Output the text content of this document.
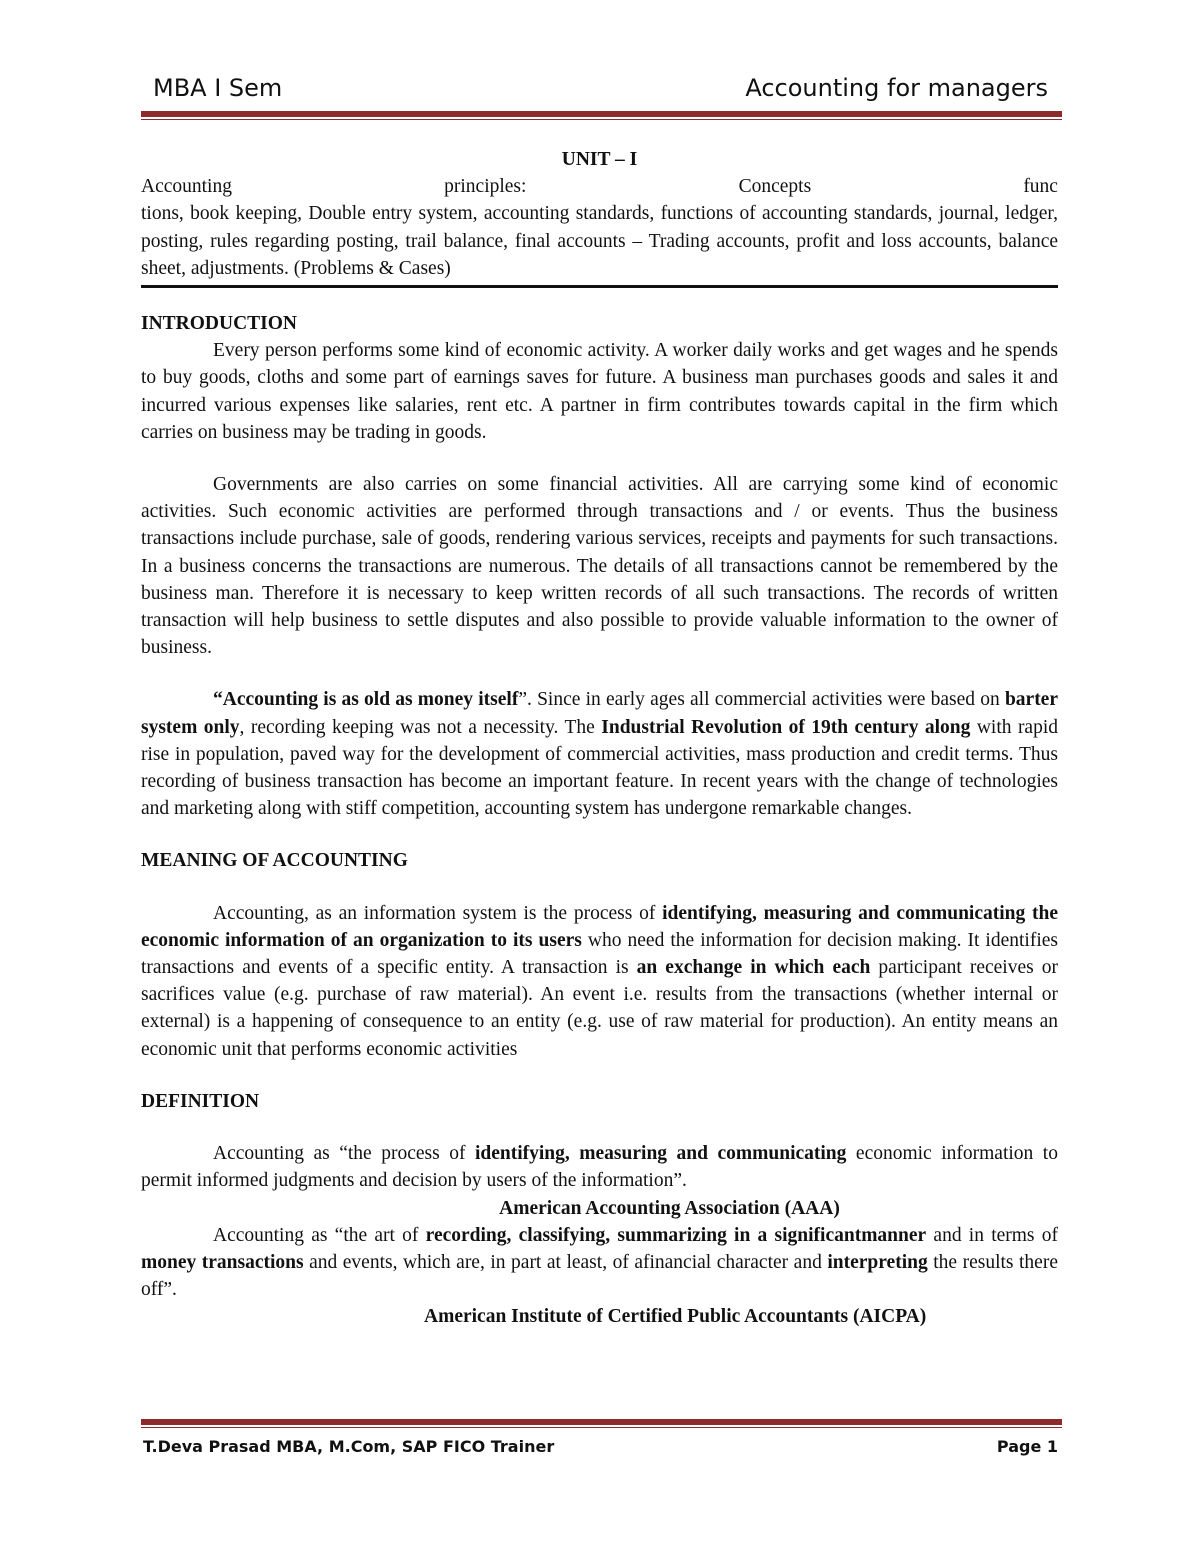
MBA I Sem	Accounting for managers
UNIT – I
Accounting	principles:	Concepts	func
tions, book keeping, Double entry system, accounting standards, functions of accounting standards, journal, ledger, posting, rules regarding posting, trail balance, final accounts – Trading accounts, profit and loss accounts, balance sheet, adjustments. (Problems & Cases)

INTRODUCTION

Every person performs some kind of economic activity. A worker daily works and get wages and he spends to buy goods, cloths and some part of earnings saves for future. A business man purchases goods and sales it and incurred various expenses like salaries, rent etc. A partner in firm contributes towards capital in the firm which carries on business may be trading in goods.

Governments are also carries on some financial activities. All are carrying some kind of economic activities. Such economic activities are performed through transactions and / or events. Thus the business transactions include purchase, sale of goods, rendering various services, receipts and payments for such transactions. In a business concerns the transactions are numerous. The details of all transactions cannot be remembered by the business man. Therefore it is necessary to keep written records of all such transactions. The records of written transaction will help business to settle disputes and also possible to provide valuable information to the owner of business.

“Accounting is as old as money itself”. Since in early ages all commercial activities were based on barter system only, recording keeping was not a necessity. The Industrial Revolution of 19th century along with rapid rise in population, paved way for the development of commercial activities, mass production and credit terms. Thus recording of business transaction has become an important feature. In recent years with the change of technologies and marketing along with stiff competition, accounting system has undergone remarkable changes.

MEANING OF ACCOUNTING

Accounting, as an information system is the process of identifying, measuring and communicating the economic information of an organization to its users who need the information for decision making. It identifies transactions and events of a specific entity. A transaction is an exchange in which each participant receives or sacrifices value (e.g. purchase of raw material). An event i.e. results from the transactions (whether internal or external) is a happening of consequence to an entity (e.g. use of raw material for production). An entity means an economic unit that performs economic activities

DEFINITION

Accounting as “the process of identifying, measuring and communicating economic information to permit informed judgments and decision by users of the information”.

American Accounting Association (AAA)

Accounting as “the art of recording, classifying, summarizing in a significantmanner and in terms of money transactions and events, which are, in part at least, of afinancial character and interpreting the results there off”.

American Institute of Certified Public Accountants (AICPA)
T.Deva Prasad MBA, M.Com, SAP FICO Trainer	Page 1
